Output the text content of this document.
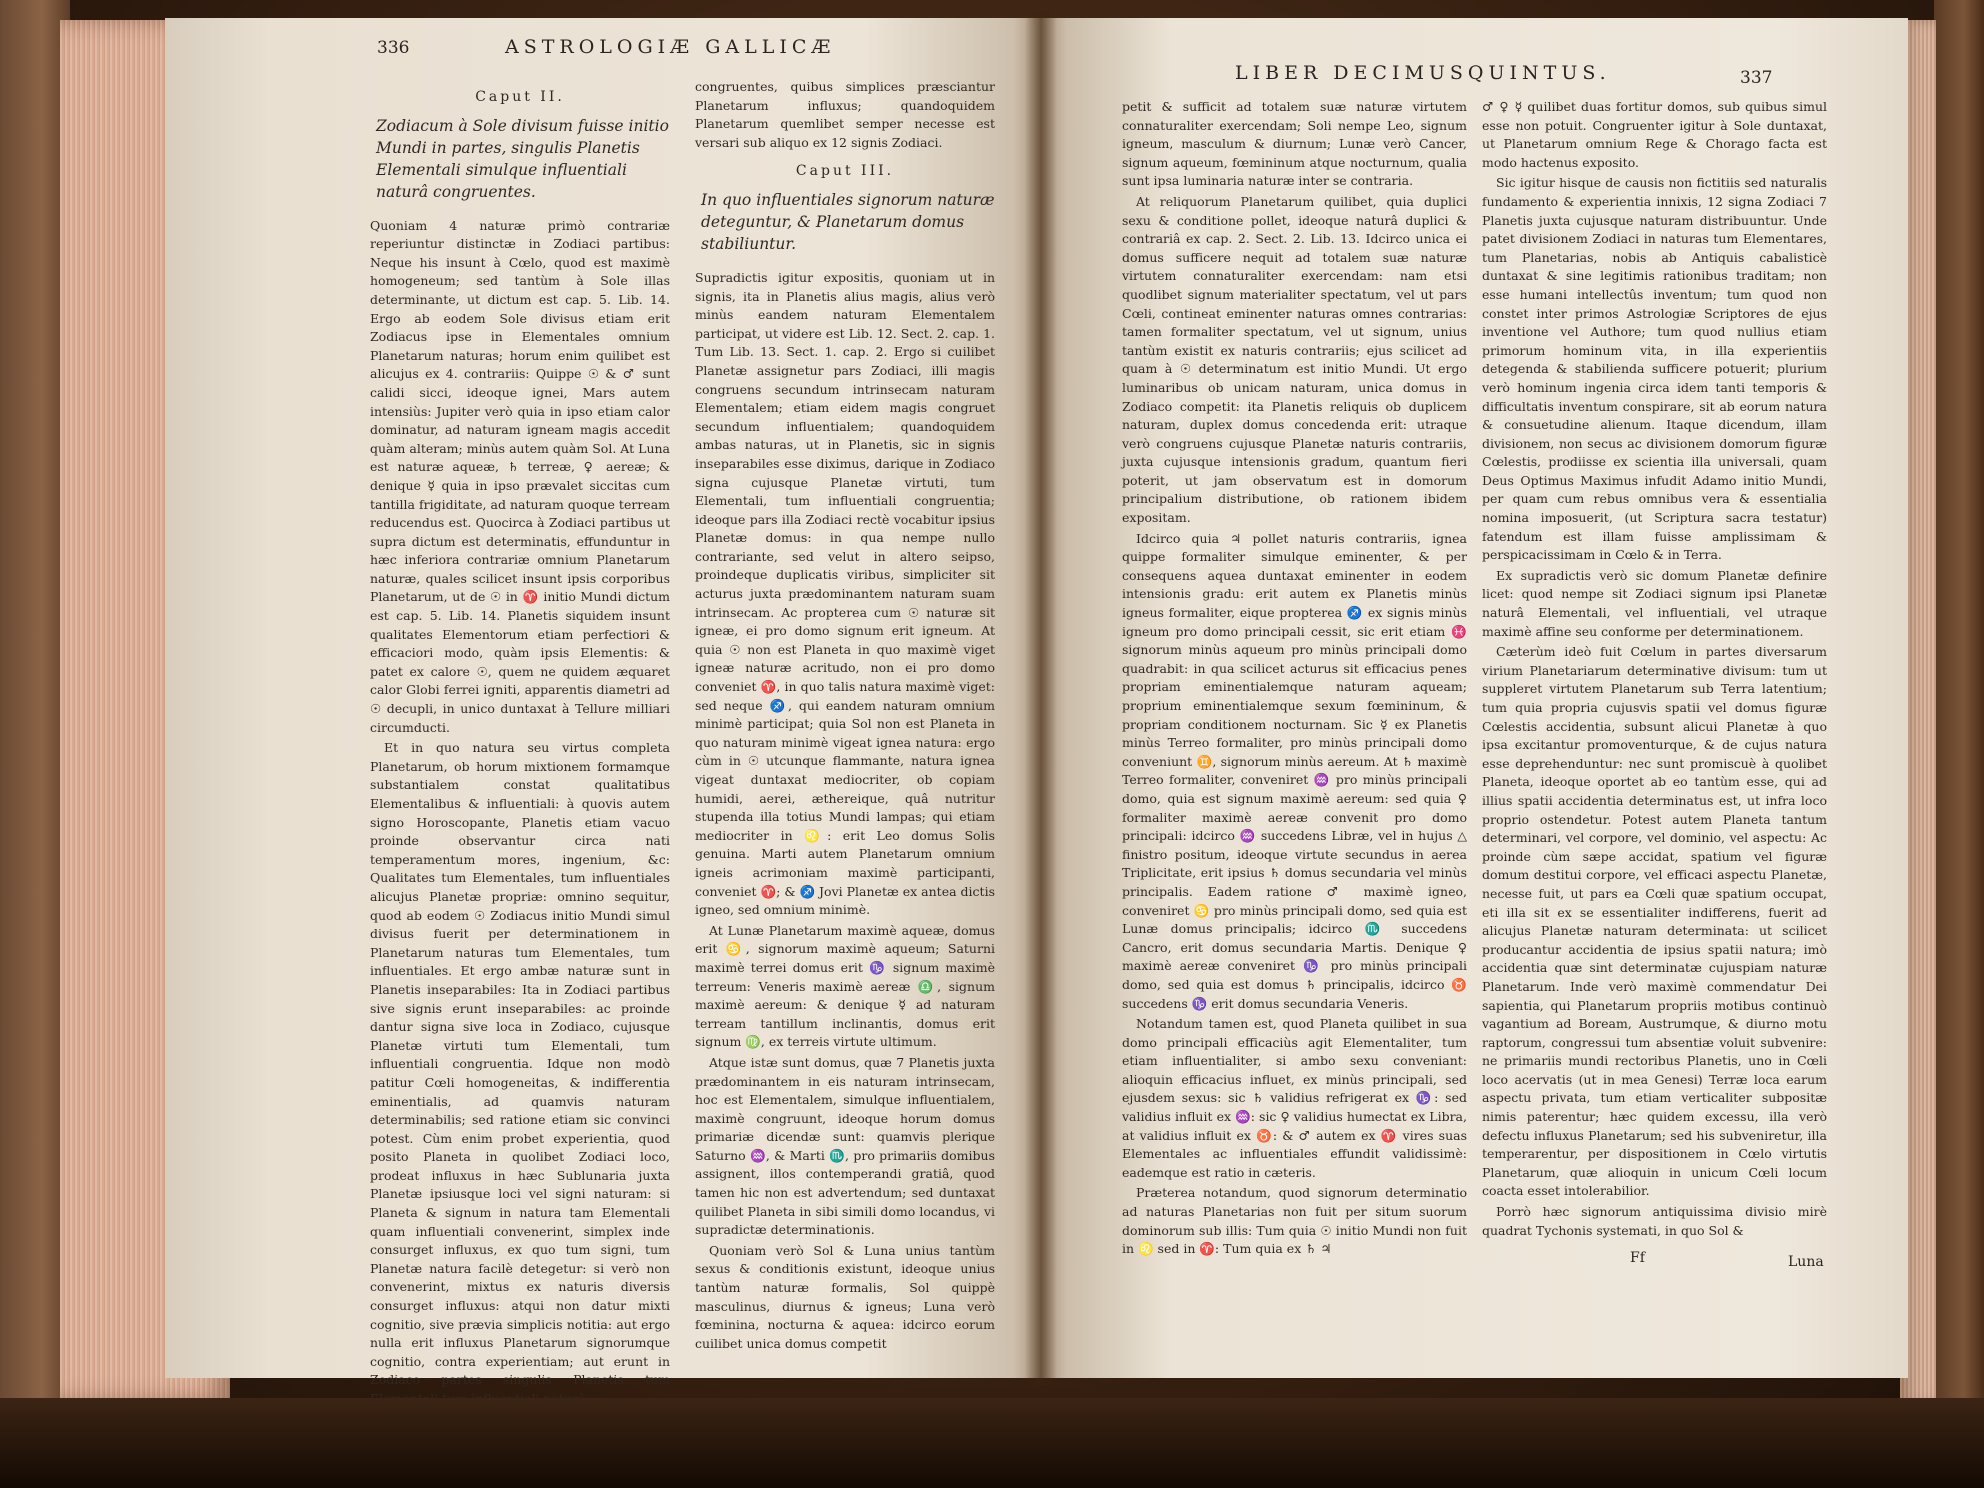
336	ASTROLOGIÆ GALLICÆ
Caput II.
Zodiacum à Sole divisum fuisse initio Mundi in partes, singulis Planetis Elementali simulque influentiali naturâ congruentes.

Quoniam 4 naturæ primò contrariæ reperiuntur distinctæ in Zodiaci partibus: Neque his insunt à Cœlo, quod est maximè homogeneum; sed tantùm à Sole illas determinante, ut dictum est cap. 5. Lib. 14. Ergo ab eodem Sole divisus etiam erit Zodiacus ipse in Elementales omnium Planetarum naturas; horum enim quilibet est alicujus ex 4. contrariis: Quippe ☉ & ♂ sunt calidi sicci, ideoque ignei, Mars autem intensiùs: Jupiter verò quia in ipso etiam calor dominatur, ad naturam igneam magis accedit quàm alteram; minùs autem quàm Sol. At Luna est naturæ aqueæ, ♄ terreæ, ♀ aereæ; & denique ☿ quia in ipso prævalet siccitas cum tantilla frigiditate, ad naturam quoque terream reducendus est. Quocirca à Zodiaci partibus ut supra dictum est determinatis, effunduntur in hæc inferiora contrariæ omnium Planetarum naturæ, quales scilicet insunt ipsis corporibus Planetarum, ut de ☉ in ♈ initio Mundi dictum est cap. 5. Lib. 14. Planetis siquidem insunt qualitates Elementorum etiam perfectiori & efficaciori modo, quàm ipsis Elementis: & patet ex calore ☉, quem ne quidem æquaret calor Globi ferrei igniti, apparentis diametri ad ☉ decupli, in unico duntaxat à Tellure milliari circumducti.

Et in quo natura seu virtus completa Planetarum, ob horum mixtionem formamque substantialem constat qualitatibus Elementalibus & influentiali: à quovis autem signo Horoscopante, Planetis etiam vacuo proinde observantur circa nati temperamentum mores, ingenium, &c: Qualitates tum Elementales, tum influentiales alicujus Planetæ propriæ: omnino sequitur, quod ab eodem ☉ Zodiacus initio Mundi simul divisus fuerit per determinationem in Planetarum naturas tum Elementales, tum influentiales. Et ergo ambæ naturæ sunt in Planetis inseparabiles: Ita in Zodiaci partibus sive signis erunt inseparabiles: ac proinde dantur signa sive loca in Zodiaco, cujusque Planetæ virtuti tum Elementali, tum influentiali congruentia. Idque non modò patitur Cœli homogeneitas, & indifferentia eminentialis, ad quamvis naturam determinabilis; sed ratione etiam sic convinci potest. Cùm enim probet experientia, quod posito Planeta in quolibet Zodiaci loco, prodeat influxus in hæc Sublunaria juxta Planetæ ipsiusque loci vel signi naturam: si Planeta & signum in natura tam Elementali quam influentiali convenerint, simplex inde consurget influxus, ex quo tum signi, tum Planetæ natura facilè detegetur: si verò non convenerint, mixtus ex naturis diversis consurget influxus: atqui non datur mixti cognitio, sive prævia simplicis notitia: aut ergo nulla erit influxus Planetarum signorumque cognitio, contra experientiam; aut erunt in Zodiaco partes singulis Planetis tum

congruentes, quibus simplices præsciantur Planetarum influxus; quandoquidem Planetarum quemlibet semper necesse est versari sub aliquo ex 12 signis Zodiaci.

Caput III.
In quo influentiales signorum naturæ deteguntur, & Planetarum domus stabiliuntur.

Supradictis igitur expositis, quoniam ut in signis, ita in Planetis alius magis, alius verò minùs eandem naturam Elementalem participat, ut videre est Lib. 12. Sect. 2. cap. 1. Tum Lib. 13. Sect. 1. cap. 2. Ergo si cuilibet Planetæ assignetur pars Zodiaci, illi magis congruens secundum intrinsecam naturam Elementalem; etiam eidem magis congruet secundum influentialem; quandoquidem ambas naturas, ut in Planetis, sic in signis inseparabiles esse diximus, darique in Zodiaco signa cujusque Planetæ virtuti, tum Elementali, tum influentiali congruentia; ideoque pars illa Zodiaci rectè vocabitur ipsius Planetæ domus: in qua nempe nullo contrariante, sed velut in altero seipso, proindeque duplicatis viribus, simpliciter sit acturus juxta prædominantem naturam suam intrinsecam. Ac propterea cum ☉ naturæ sit igneæ, ei pro domo signum erit igneum. At quia ☉ non est Planeta in quo maximè viget igneæ naturæ acritudo, non ei pro domo conveniet ♈, in quo talis natura maximè viget: sed neque ♐, qui eandem naturam omnium minimè participat; quia Sol non est Planeta in quo naturam minimè vigeat ignea natura: ergo cùm in ☉ utcunque flammante, natura ignea vigeat duntaxat mediocriter, ob copiam humidi, aerei, æthereique, quâ nutritur stupenda illa totius Mundi lampas; qui etiam mediocriter in ♌: erit Leo domus Solis genuina. Marti autem Planetarum omnium igneis acrimoniam maximè participanti, conveniet ♈; & ♐ Jovi Planetæ ex antea dictis igneo, sed omnium minimè.

At Lunæ Planetarum maximè aqueæ, domus erit ♋, signorum maximè aqueum; Saturni maximè terrei domus erit ♑ signum maximè terreum: Veneris maximè aereæ ♎, signum maximè aereum: & denique ☿ ad naturam terream tantillum inclinantis, domus erit signum ♍, ex terreis virtute ultimum.

Atque istæ sunt domus, quæ 7 Planetis juxta prædominantem in eis naturam intrinsecam, hoc est Elementalem, simulque influentialem, maximè congruunt, ideoque horum domus primariæ dicendæ sunt: quamvis plerique Saturno ♒, & Marti ♏, pro primariis domibus assignent, illos contemperandi gratiâ, quod tamen hic non est advertendum; sed duntaxat quilibet Planeta in sibi simili domo locandus, vi supradictæ determinationis.

Quoniam verò Sol & Luna unius tantùm sexus & conditionis existunt, ideoque unius tantùm naturæ formalis, Sol quippè masculinus, diurnus & igneus; Luna verò fœminina, nocturna & aquea: idcirco eorum cuilibet unica domus competit

LIBER DECIMUSQUINTUS.	337

petit & sufficit ad totalem suæ naturæ virtutem connaturaliter exercendam; Soli nempe Leo, signum igneum, masculum & diurnum; Lunæ verò Cancer, signum aqueum, fœmininum atque nocturnum, qualia sunt ipsa luminaria naturæ inter se contraria.

At reliquorum Planetarum quilibet, quia duplici sexu & conditione pollet, ideoque naturâ duplici & contrariâ ex cap. 2. Sect. 2. Lib. 13. Idcirco unica ei domus sufficere nequit ad totalem suæ naturæ virtutem connaturaliter exercendam: nam etsi quodlibet signum materialiter spectatum, vel ut pars Cœli, contineat eminenter naturas omnes contrarias: tamen formaliter spectatum, vel ut signum, unius tantùm existit ex naturis contrariis; ejus scilicet ad quam à ☉ determinatum est initio Mundi. Ut ergo luminaribus ob unicam naturam, unica domus in Zodiaco competit: ita Planetis reliquis ob duplicem naturam, duplex domus concedenda erit: utraque verò congruens cujusque Planetæ naturis contrariis, juxta cujusque intensionis gradum, quantum fieri poterit, ut jam observatum est in domorum principalium distributione, ob rationem ibidem expositam.

Idcirco quia ♃ pollet naturis contrariis, ignea quippe formaliter simulque eminenter, & per consequens aquea duntaxat eminenter in eodem intensionis gradu: erit autem ex Planetis minùs igneus formaliter, eique propterea ♐ ex signis minùs igneum pro domo principali cessit, sic erit etiam ♓ signorum minùs aqueum pro minùs principali domo quadrabit: in qua scilicet acturus sit efficacius penes propriam eminentialemque naturam aqueam; proprium eminentialemque sexum fœmininum, & propriam conditionem nocturnam. Sic ☿ ex Planetis minùs Terreo formaliter, pro minùs principali domo conveniunt ♊, signorum minùs aereum. At ♄ maximè Terreo formaliter, conveniret ♒ pro minùs principali domo, quia est signum maximè aereum: sed quia ♀ formaliter maximè aereæ convenit pro domo principali: idcirco ♒ succedens Libræ, vel in hujus △ finistro positum, ideoque virtute secundus in aerea Triplicitate, erit ipsius ♄ domus secundaria vel minùs principalis. Eadem ratione ♂ maximè igneo, conveniret ♋ pro minùs principali domo, sed quia est Lunæ domus principalis; idcirco ♏ succedens Cancro, erit domus secundaria Martis. Denique ♀ maximè aereæ conveniret ♑ pro minùs principali domo, sed quia est domus ♄ principalis, idcirco ♉ succedens ♑ erit domus secundaria Veneris.

Notandum tamen est, quod Planeta quilibet in sua domo principali efficaciùs agit Elementaliter, tum etiam influentialiter, si ambo sexu conveniant: alioquin efficacius influet, ex minùs principali, sed ejusdem sexus: sic ♄ validius refrigerat ex ♑: sed validius influit ex ♒: sic ♀ validius humectat ex Libra, at validius influit ex ♉: & ♂ autem ex ♈ vires suas Elementales ac influentiales effundit validissimè: eademque est ratio in cæteris.

Præterea notandum, quod signorum determinatio ad naturas Planetarias non fuit per situm suorum dominorum sub illis: Tum quia ☉ initio Mundi non fuit in ♌ sed in ♈: Tum quia ex ♄ ♃

♂ ♀ ☿ quilibet duas fortitur domos, sub quibus simul esse non potuit. Congruenter igitur à Sole duntaxat, ut Planetarum omnium Rege & Chorago facta est modo hactenus exposito.

Sic igitur hisque de causis non fictitiis sed naturalis fundamento & experientia innixis, 12 signa Zodiaci 7 Planetis juxta cujusque naturam distribuuntur. Unde patet divisionem Zodiaci in naturas tum Elementares, tum Planetarias, nobis ab Antiquis cabalisticè duntaxat & sine legitimis rationibus traditam; non esse humani intellectûs inventum; tum quod non constet inter primos Astrologiæ Scriptores de ejus inventione vel Authore; tum quod nullius etiam primorum hominum vita, in illa experientiis detegenda & stabilienda sufficere potuerit; plurium verò hominum ingenia circa idem tanti temporis & difficultatis inventum conspirare, sit ab eorum natura & consuetudine alienum. Itaque dicendum, illam divisionem, non secus ac divisionem domorum figuræ Cœlestis, prodiisse ex scientia illa universali, quam Deus Optimus Maximus infudit Adamo initio Mundi, per quam cum rebus omnibus vera & essentialia nomina imposuerit, (ut Scriptura sacra testatur) fatendum est illam fuisse amplissimam & perspicacissimam in Cœlo & in Terra.

Ex supradictis verò sic domum Planetæ definire licet: quod nempe sit Zodiaci signum ipsi Planetæ naturâ Elementali, vel influentiali, vel utraque maximè affine seu conforme per determinationem.

Cæterùm ideò fuit Cœlum in partes diversarum virium Planetariarum determinative divisum: tum ut suppleret virtutem Planetarum sub Terra latentium; tum quia propria cujusvis spatii vel domus figuræ Cœlestis accidentia, subsunt alicui Planetæ à quo ipsa excitantur promoventurque, & de cujus natura esse deprehenduntur: nec sunt promiscuè à quolibet Planeta, ideoque oportet ab eo tantùm esse, qui ad illius spatii accidentia determinatus est, ut infra loco proprio ostendetur. Potest autem Planeta tantum determinari, vel corpore, vel dominio, vel aspectu: Ac proinde cùm sæpe accidat, spatium vel figuræ domum destitui corpore, vel efficaci aspectu Planetæ, necesse fuit, ut pars ea Cœli quæ spatium occupat, eti illa sit ex se essentialiter indifferens, fuerit ad alicujus Planetæ naturam determinata: ut scilicet producantur accidentia de ipsius spatii natura; imò accidentia quæ sint determinatæ cujuspiam naturæ Planetarum. Inde verò maximè commendatur Dei sapientia, qui Planetarum propriis motibus continuò vagantium ad Boream, Austrumque, & diurno motu raptorum, congressui tum absentiæ voluit subvenire: ne primariis mundi rectoribus Planetis, uno in Cœli loco acervatis (ut in mea Genesi) Terræ loca earum aspectu privata, tum etiam verticaliter subpositæ nimis paterentur; hæc quidem excessu, illa verò defectu influxus Planetarum; sed his subveniretur, illa temperarentur, per dispositionem in Cœlo virtutis Planetarum, quæ alioquin in unicum Cœli locum coacta esset intolerabilior.

Porrò hæc signorum antiquissima divisio mirè quadrat Tychonis systemati, in quo Sol &

Ff	Luna
